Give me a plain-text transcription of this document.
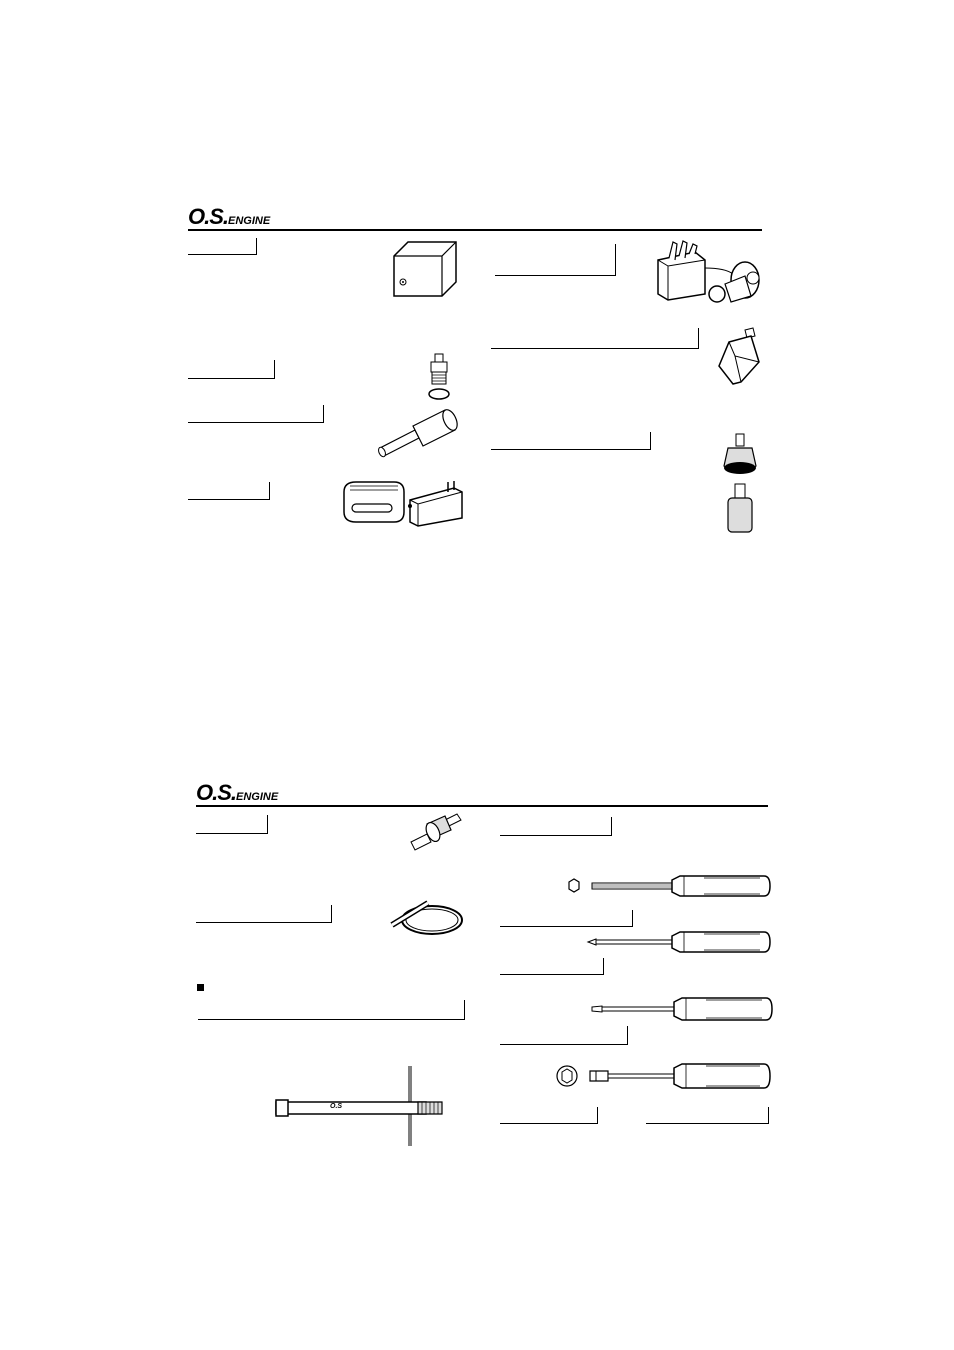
O.S.ENGINE
O.S.ENGINE
O.S
